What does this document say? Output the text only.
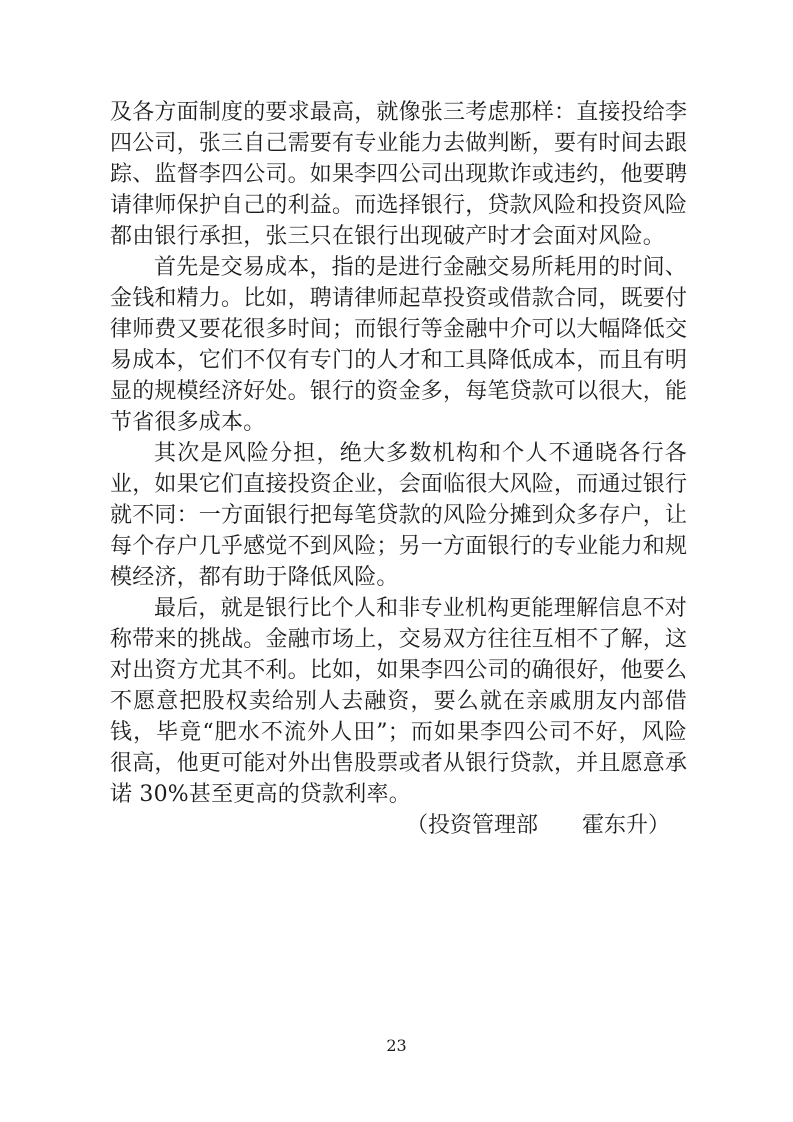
及各方面制度的要求最高，就像张三考虑那样：直接投给李
四公司，张三自己需要有专业能力去做判断，要有时间去跟
踪、监督李四公司。如果李四公司出现欺诈或违约，他要聘
请律师保护自己的利益。而选择银行，贷款风险和投资风险
都由银行承担，张三只在银行出现破产时才会面对风险。
首先是交易成本，指的是进行金融交易所耗用的时间、
金钱和精力。比如，聘请律师起草投资或借款合同，既要付
律师费又要花很多时间；而银行等金融中介可以大幅降低交
易成本，它们不仅有专门的人才和工具降低成本，而且有明
显的规模经济好处。银行的资金多，每笔贷款可以很大，能
节省很多成本。
其次是风险分担，绝大多数机构和个人不通晓各行各
业，如果它们直接投资企业，会面临很大风险，而通过银行
就不同：一方面银行把每笔贷款的风险分摊到众多存户，让
每个存户几乎感觉不到风险；另一方面银行的专业能力和规
模经济，都有助于降低风险。
最后，就是银行比个人和非专业机构更能理解信息不对
称带来的挑战。金融市场上，交易双方往往互相不了解，这
对出资方尤其不利。比如，如果李四公司的确很好，他要么
不愿意把股权卖给别人去融资，要么就在亲戚朋友内部借
钱，毕竟“肥水不流外人田”；而如果李四公司不好，风险
很高，他更可能对外出售股票或者从银行贷款，并且愿意承
诺 30%甚至更高的贷款利率。
（投资管理部　　霍东升）
23
